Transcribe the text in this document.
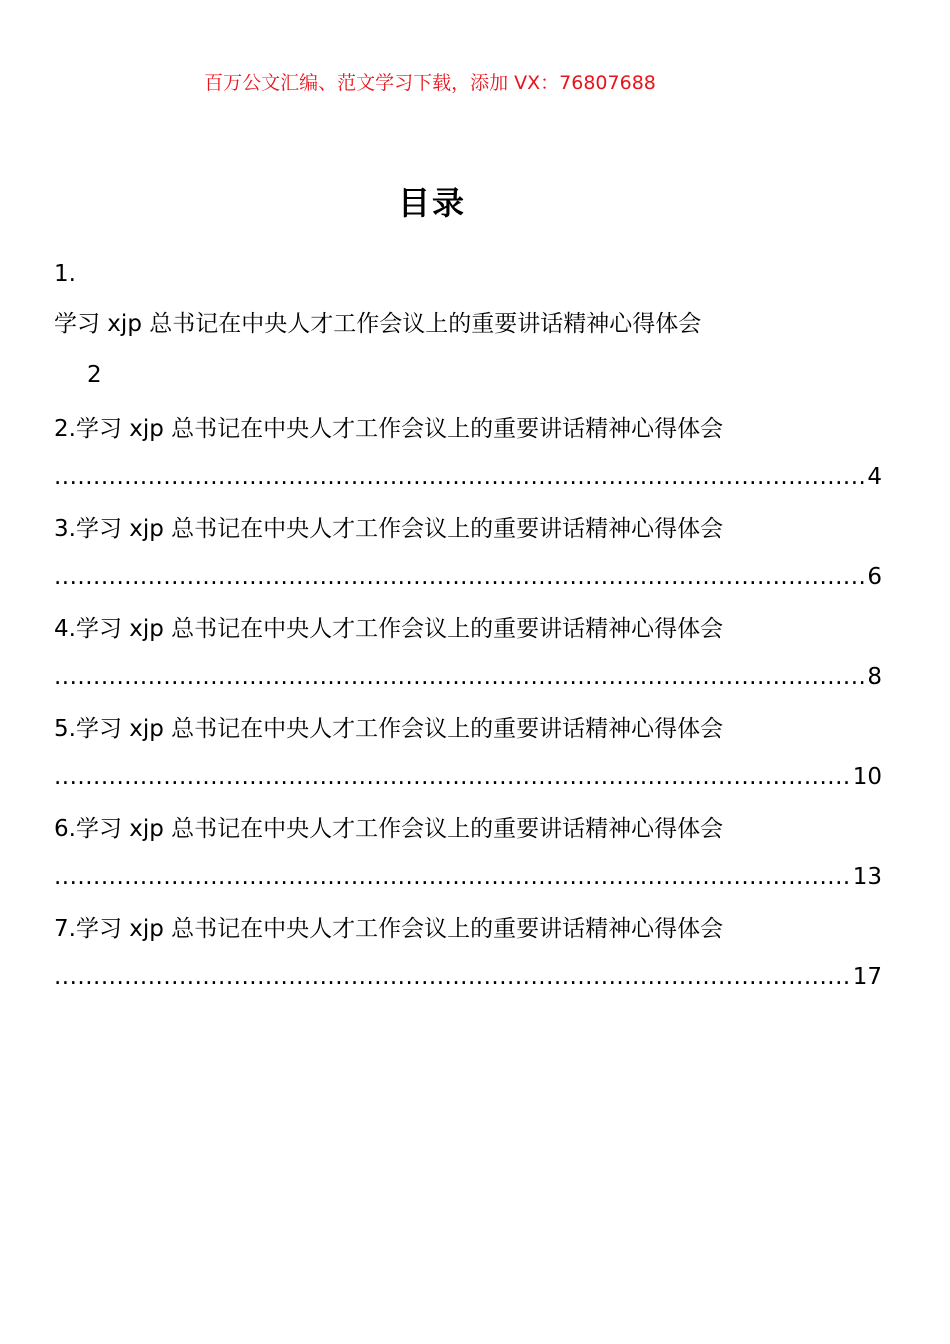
百万公文汇编、范文学习下载，添加 VX：76807688
目录
1.
学习 xjp 总书记在中央人才工作会议上的重要讲话精神心得体会
2
2.学习 xjp 总书记在中央人才工作会议上的重要讲话精神心得体会
.....
4
3.学习 xjp 总书记在中央人才工作会议上的重要讲话精神心得体会
.....
6
4.学习 xjp 总书记在中央人才工作会议上的重要讲话精神心得体会
.....
8
5.学习 xjp 总书记在中央人才工作会议上的重要讲话精神心得体会
.....
10
6.学习 xjp 总书记在中央人才工作会议上的重要讲话精神心得体会
.....
13
7.学习 xjp 总书记在中央人才工作会议上的重要讲话精神心得体会
.....
17
